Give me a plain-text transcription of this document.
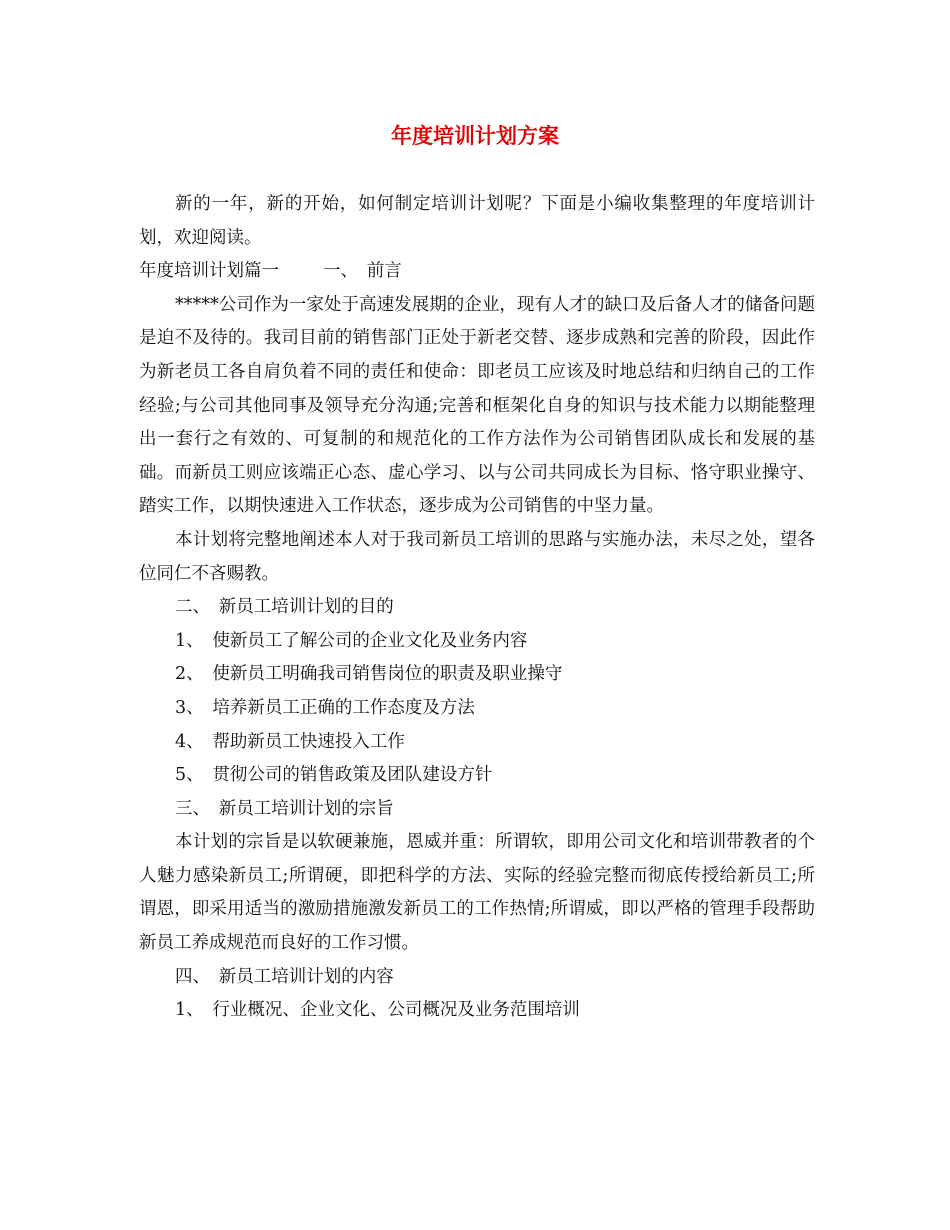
年度培训计划方案

新的一年，新的开始，如何制定培训计划呢？下面是小编收集整理的年度培训计划，欢迎阅读。

年度培训计划篇一	一、　前言

*****公司作为一家处于高速发展期的企业，现有人才的缺口及后备人才的储备问题是迫不及待的。我司目前的销售部门正处于新老交替、逐步成熟和完善的阶段，因此作为新老员工各自肩负着不同的责任和使命：即老员工应该及时地总结和归纳自己的工作经验;与公司其他同事及领导充分沟通;完善和框架化自身的知识与技术能力以期能整理出一套行之有效的、可复制的和规范化的工作方法作为公司销售团队成长和发展的基础。而新员工则应该端正心态、虚心学习、以与公司共同成长为目标、恪守职业操守、踏实工作，以期快速进入工作状态，逐步成为公司销售的中坚力量。

本计划将完整地阐述本人对于我司新员工培训的思路与实施办法，未尽之处，望各位同仁不吝赐教。

二、　新员工培训计划的目的

1、　使新员工了解公司的企业文化及业务内容

2、　使新员工明确我司销售岗位的职责及职业操守

3、　培养新员工正确的工作态度及方法

4、　帮助新员工快速投入工作

5、　贯彻公司的销售政策及团队建设方针

三、　新员工培训计划的宗旨

本计划的宗旨是以软硬兼施，恩威并重：所谓软，即用公司文化和培训带教者的个人魅力感染新员工;所谓硬，即把科学的方法、实际的经验完整而彻底传授给新员工;所谓恩，即采用适当的激励措施激发新员工的工作热情;所谓威，即以严格的管理手段帮助新员工养成规范而良好的工作习惯。

四、　新员工培训计划的内容

1、　行业概况、企业文化、公司概况及业务范围培训
